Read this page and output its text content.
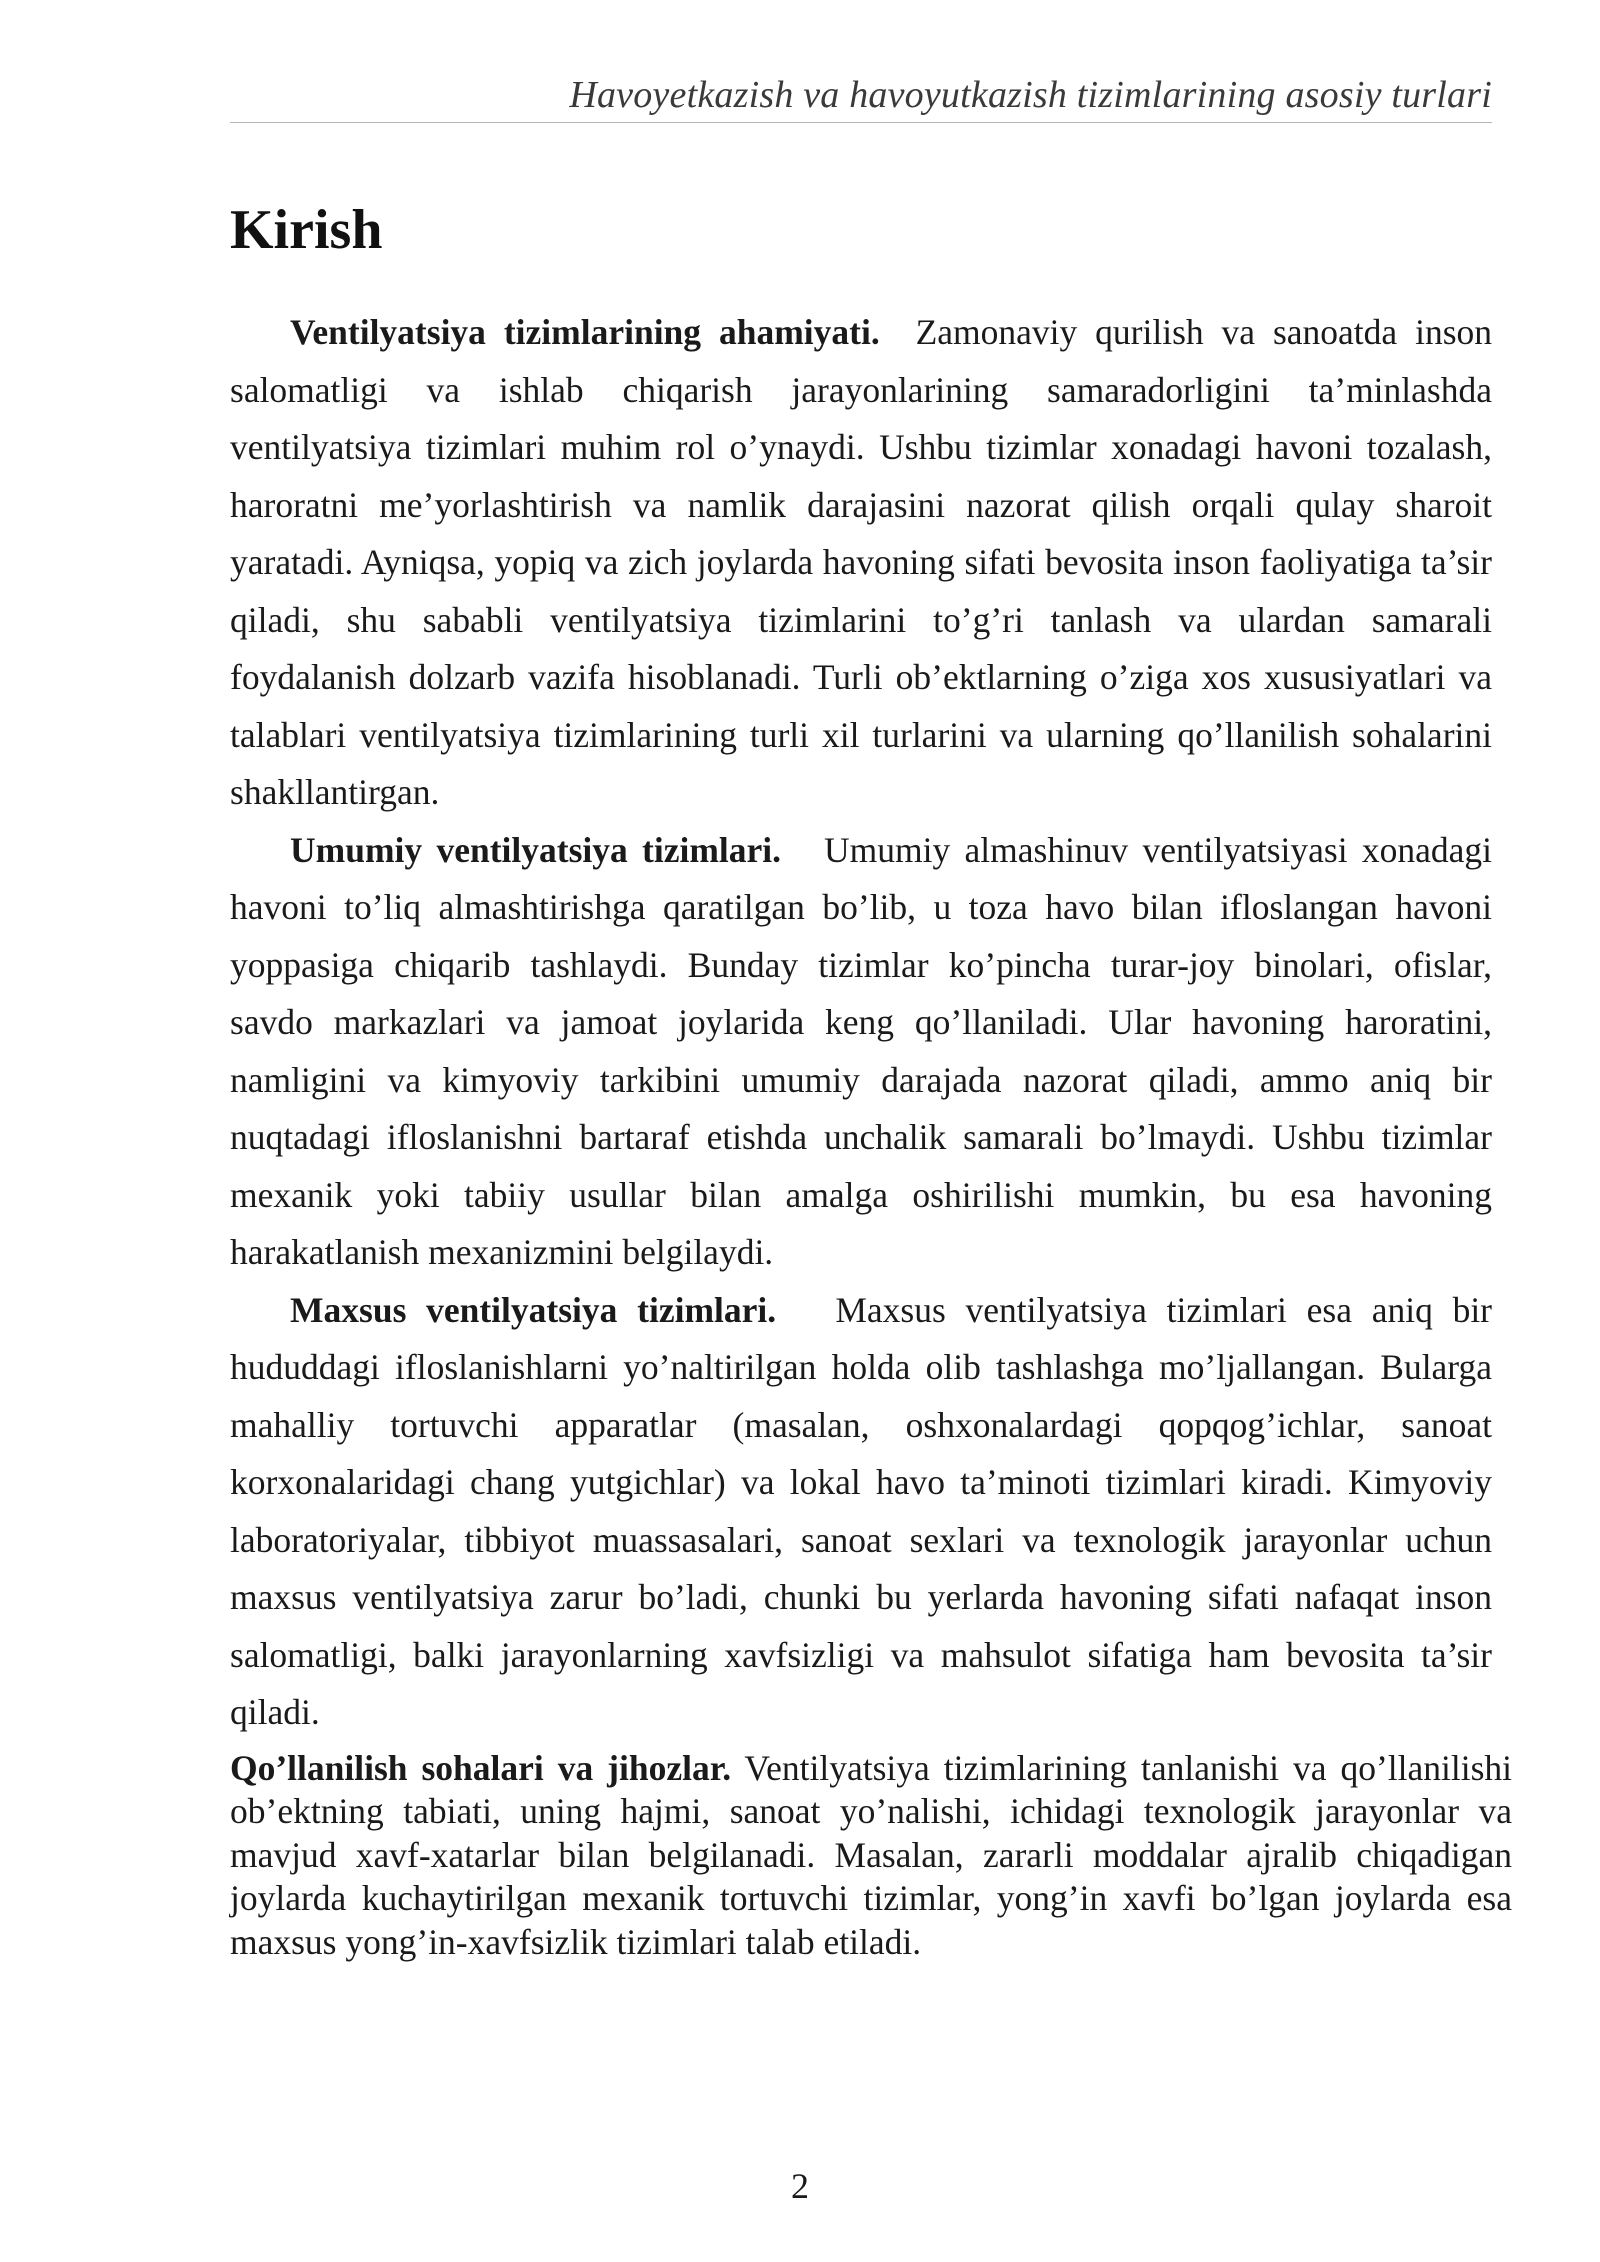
Havoyetkazish va havoyutkazish tizimlarining asosiy turlari
Kirish

Ventilyatsiya tizimlarining ahamiyati. Zamonaviy qurilish va sanoatda inson salomatligi va ishlab chiqarish jarayonlarining samaradorligini ta’minlashda ventilyatsiya tizimlari muhim rol o’ynaydi. Ushbu tizimlar xonadagi havoni tozalash, haroratni me’yorlashtirish va namlik darajasini nazorat qilish orqali qulay sharoit yaratadi. Ayniqsa, yopiq va zich joylarda havoning sifati bevosita inson faoliyatiga ta’sir qiladi, shu sababli ventilyatsiya tizimlarini to’g’ri tanlash va ulardan samarali foydalanish dolzarb vazifa hisoblanadi. Turli ob’ektlarning o’ziga xos xususiyatlari va talablari ventilyatsiya tizimlarining turli xil turlarini va ularning qo’llanilish sohalarini shakllantirgan.

Umumiy ventilyatsiya tizimlari. Umumiy almashinuv ventilyatsiyasi xonadagi havoni to’liq almashtirishga qaratilgan bo’lib, u toza havo bilan ifloslangan havoni yoppasiga chiqarib tashlaydi. Bunday tizimlar ko’pincha turar-joy binolari, ofislar, savdo markazlari va jamoat joylarida keng qo’llaniladi. Ular havoning haroratini, namligini va kimyoviy tarkibini umumiy darajada nazorat qiladi, ammo aniq bir nuqtadagi ifloslanishni bartaraf etishda unchalik samarali bo’lmaydi. Ushbu tizimlar mexanik yoki tabiiy usullar bilan amalga oshirilishi mumkin, bu esa havoning harakatlanish mexanizmini belgilaydi.

Maxsus ventilyatsiya tizimlari. Maxsus ventilyatsiya tizimlari esa aniq bir hududdagi ifloslanishlarni yo’naltirilgan holda olib tashlashga mo’ljallangan. Bularga mahalliy tortuvchi apparatlar (masalan, oshxonalardagi qopqog’ichlar, sanoat korxonalaridagi chang yutgichlar) va lokal havo ta’minoti tizimlari kiradi. Kimyoviy laboratoriyalar, tibbiyot muassasalari, sanoat sexlari va texnologik jarayonlar uchun maxsus ventilyatsiya zarur bo’ladi, chunki bu yerlarda havoning sifati nafaqat inson salomatligi, balki jarayonlarning xavfsizligi va mahsulot sifatiga ham bevosita ta’sir qiladi.

Qo’llanilish sohalari va jihozlar. Ventilyatsiya tizimlarining tanlanishi va qo’llanilishi ob’ektning tabiati, uning hajmi, sanoat yo’nalishi, ichidagi texnologik jarayonlar va mavjud xavf-xatarlar bilan belgilanadi. Masalan, zararli moddalar ajralib chiqadigan joylarda kuchaytirilgan mexanik tortuvchi tizimlar, yong’in xavfi bo’lgan joylarda esa maxsus yong’in-xavfsizlik tizimlari talab etiladi.

2
